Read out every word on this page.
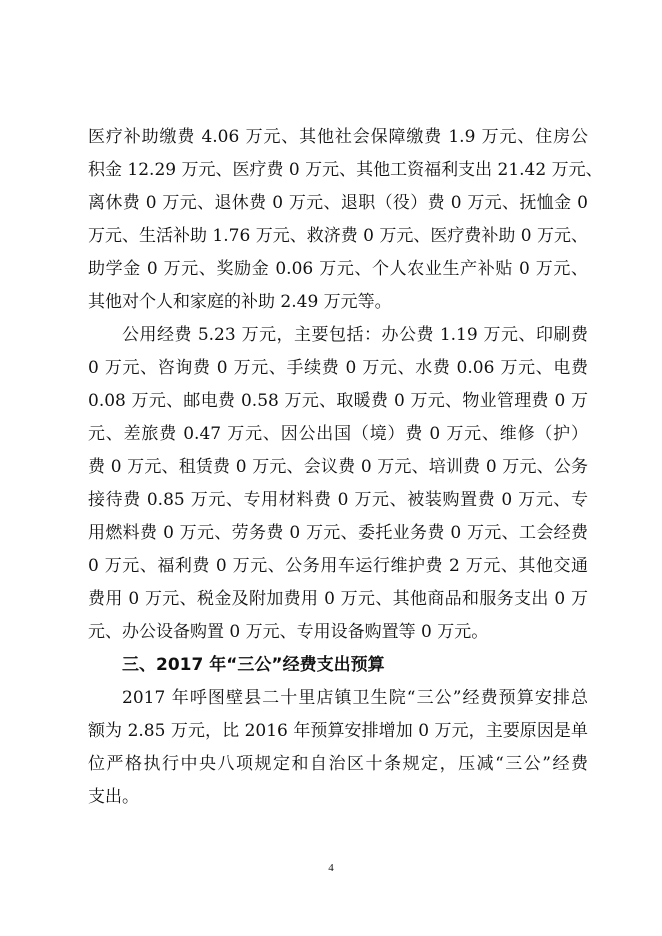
医疗补助缴费 4.06 万元、其他社会保障缴费 1.9 万元、住房公
积金 12.29 万元、医疗费 0 万元、其他工资福利支出 21.42 万元、
离休费 0 万元、退休费 0 万元、退职（役）费 0 万元、抚恤金 0
万元、生活补助 1.76 万元、救济费 0 万元、医疗费补助 0 万元、
助学金 0 万元、奖励金 0.06 万元、个人农业生产补贴 0 万元、
其他对个人和家庭的补助 2.49 万元等。
公用经费 5.23 万元，主要包括：办公费 1.19 万元、印刷费
0 万元、咨询费 0 万元、手续费 0 万元、水费 0.06 万元、电费
0.08 万元、邮电费 0.58 万元、取暖费 0 万元、物业管理费 0 万
元、差旅费 0.47 万元、因公出国（境）费 0 万元、维修（护）
费 0 万元、租赁费 0 万元、会议费 0 万元、培训费 0 万元、公务
接待费 0.85 万元、专用材料费 0 万元、被装购置费 0 万元、专
用燃料费 0 万元、劳务费 0 万元、委托业务费 0 万元、工会经费
0 万元、福利费 0 万元、公务用车运行维护费 2 万元、其他交通
费用 0 万元、税金及附加费用 0 万元、其他商品和服务支出 0 万
元、办公设备购置 0 万元、专用设备购置等 0 万元。
三、2017 年“三公”经费支出预算
2017 年呼图壁县二十里店镇卫生院“三公”经费预算安排总
额为 2.85 万元，比 2016 年预算安排增加 0 万元，主要原因是单
位严格执行中央八项规定和自治区十条规定，压减“三公”经费
支出。
4
